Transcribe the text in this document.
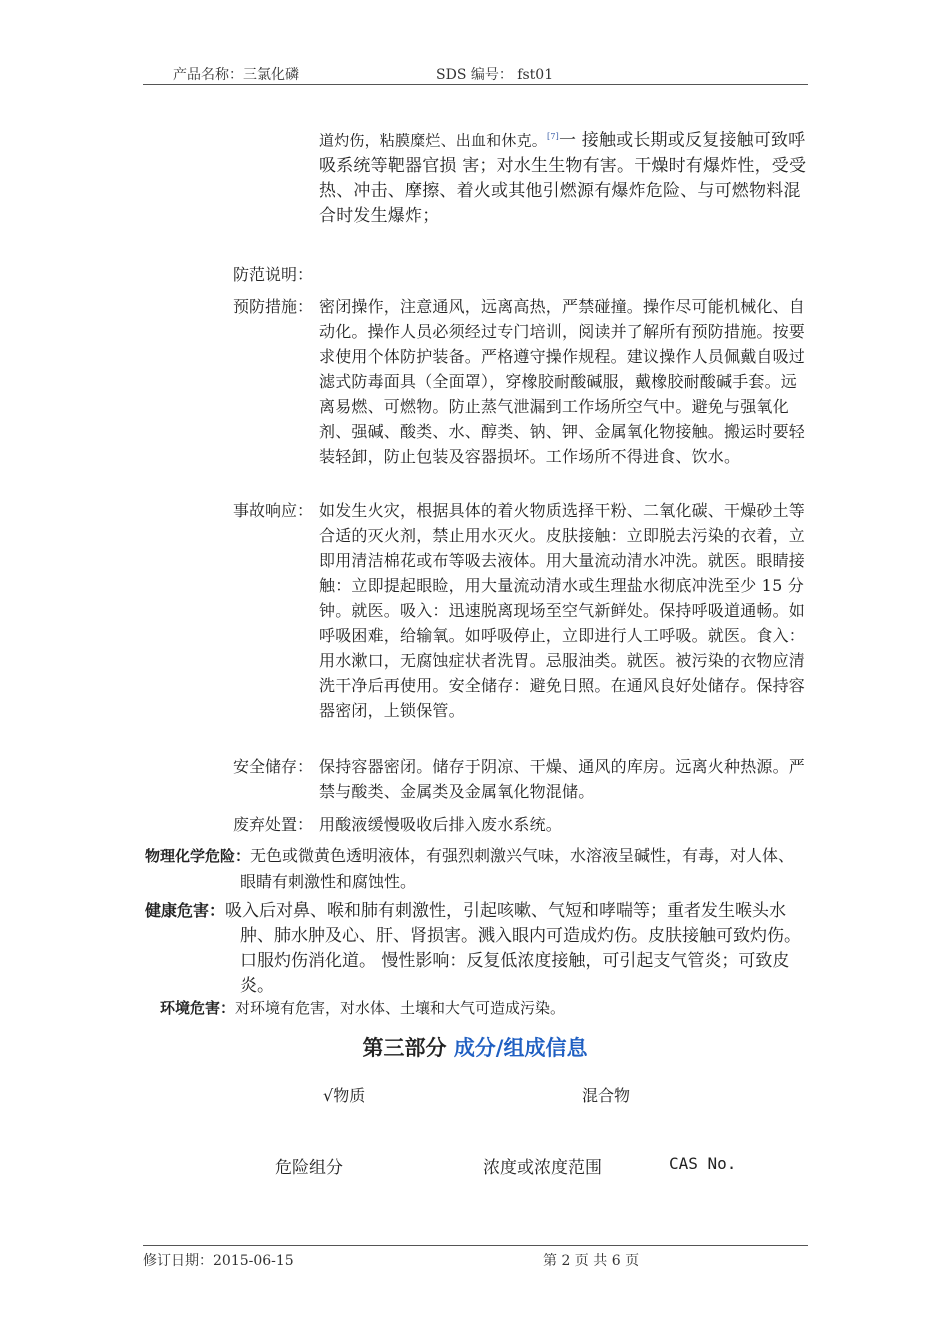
产品名称：三氯化磷	SDS 编号： fst01
道灼伤，粘膜糜烂、出血和休克。[7]一 接触或长期或反复接触可致呼吸系统等靶器官损 害；对水生生物有害。干燥时有爆炸性，受受热、冲击、摩擦、着火或其他引燃源有爆炸危险、与可燃物料混合时发生爆炸；
防范说明：
预防措施： 密闭操作，注意通风，远离高热，严禁碰撞。操作尽可能机械化、自动化。操作人员必须经过专门培训，阅读并了解所有预防措施。按要求使用个体防护装备。严格遵守操作规程。建议操作人员佩戴自吸过滤式防毒面具（全面罩），穿橡胶耐酸碱服，戴橡胶耐酸碱手套。远离易燃、可燃物。防止蒸气泄漏到工作场所空气中。避免与强氧化剂、强碱、酸类、水、醇类、钠、钾、金属氧化物接触。搬运时要轻装轻卸，防止包装及容器损坏。工作场所不得进食、饮水。
事故响应： 如发生火灾，根据具体的着火物质选择干粉、二氧化碳、干燥砂土等合适的灭火剂，禁止用水灭火。皮肤接触：立即脱去污染的衣着，立即用清洁棉花或布等吸去液体。用大量流动清水冲洗。就医。眼睛接触：立即提起眼睑，用大量流动清水或生理盐水彻底冲洗至少 15 分钟。就医。吸入：迅速脱离现场至空气新鲜处。保持呼吸道通畅。如呼吸困难，给输氧。如呼吸停止，立即进行人工呼吸。就医。食入：用水漱口，无腐蚀症状者洗胃。忌服油类。就医。被污染的衣物应清洗干净后再使用。安全储存：避免日照。在通风良好处储存。保持容器密闭，上锁保管。
安全储存： 保持容器密闭。储存于阴凉、干燥、通风的库房。远离火种热源。严禁与酸类、金属类及金属氧化物混储。
废弃处置： 用酸液缓慢吸收后排入废水系统。
物理化学危险：无色或微黄色透明液体，有强烈刺激兴气味，水溶液呈碱性，有毒，对人体、眼睛有刺激性和腐蚀性。
健康危害：吸入后对鼻、喉和肺有刺激性，引起咳嗽、气短和哮喘等；重者发生喉头水肿、肺水肿及心、肝、肾损害。溅入眼内可造成灼伤。皮肤接触可致灼伤。口服灼伤消化道。 慢性影响：反复低浓度接触，可引起支气管炎；可致皮炎。
环境危害：对环境有危害，对水体、土壤和大气可造成污染。
第三部分 成分/组成信息
√物质	混合物
危险组分	浓度或浓度范围	CAS No.
修订日期：2015-06-15	第 2 页 共 6 页
